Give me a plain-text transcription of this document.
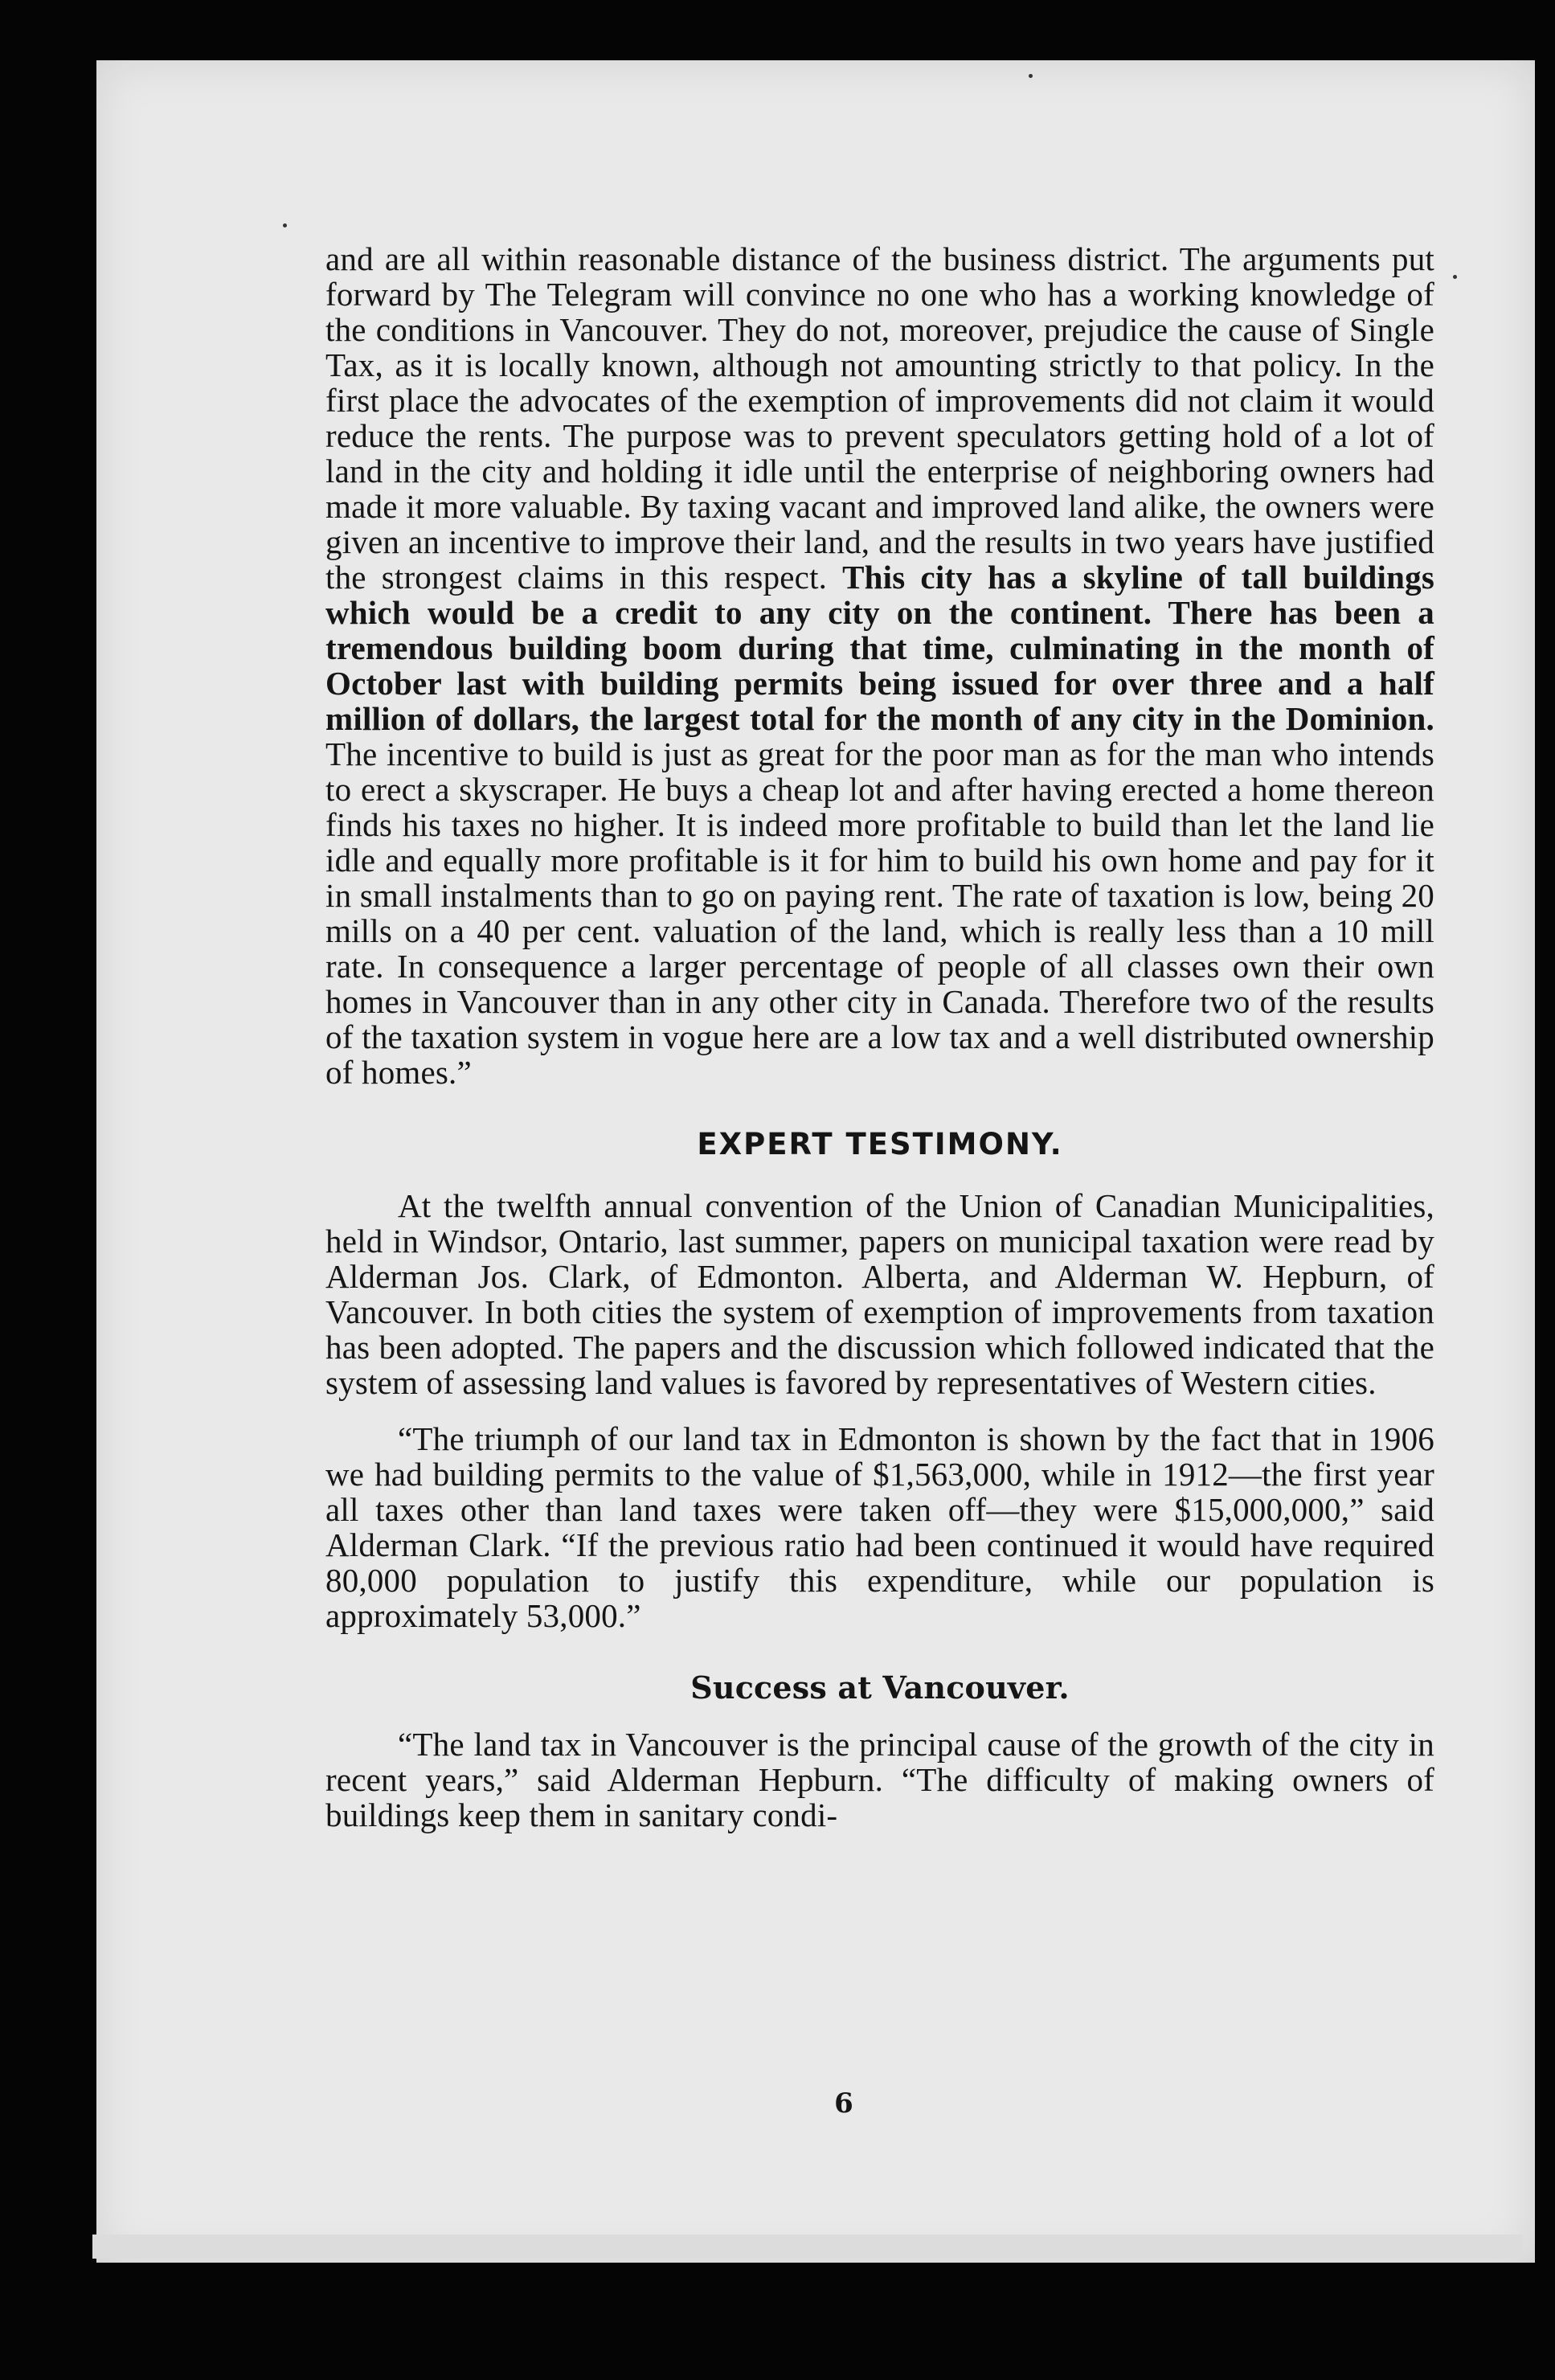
and are all within reasonable distance of the business district. The arguments put forward by The Telegram will convince no one who has a working knowledge of the conditions in Vancouver. They do not, moreover, prejudice the cause of Single Tax, as it is locally known, although not amounting strictly to that policy. In the first place the advocates of the exemption of improvements did not claim it would reduce the rents. The purpose was to prevent speculators getting hold of a lot of land in the city and holding it idle until the enterprise of neighboring owners had made it more valuable. By taxing vacant and improved land alike, the owners were given an incentive to improve their land, and the results in two years have justified the strongest claims in this respect. This city has a skyline of tall buildings which would be a credit to any city on the continent. There has been a tremendous building boom during that time, culminating in the month of October last with building permits being issued for over three and a half million of dollars, the largest total for the month of any city in the Dominion. The incentive to build is just as great for the poor man as for the man who intends to erect a skyscraper. He buys a cheap lot and after having erected a home thereon finds his taxes no higher. It is indeed more profitable to build than let the land lie idle and equally more profitable is it for him to build his own home and pay for it in small instalments than to go on paying rent. The rate of taxation is low, being 20 mills on a 40 per cent. valuation of the land, which is really less than a 10 mill rate. In consequence a larger percentage of people of all classes own their own homes in Vancouver than in any other city in Canada. Therefore two of the results of the taxation system in vogue here are a low tax and a well distributed ownership of homes.”

EXPERT TESTIMONY.

At the twelfth annual convention of the Union of Canadian Municipalities, held in Windsor, Ontario, last summer, papers on municipal taxation were read by Alderman Jos. Clark, of Edmonton. Alberta, and Alderman W. Hepburn, of Vancouver. In both cities the system of exemption of improvements from taxation has been adopted. The papers and the discussion which followed indicated that the system of assessing land values is favored by representatives of Western cities.

“The triumph of our land tax in Edmonton is shown by the fact that in 1906 we had building permits to the value of $1,563,000, while in 1912—the first year all taxes other than land taxes were taken off—they were $15,000,000,” said Alderman Clark. “If the previous ratio had been continued it would have required 80,000 population to justify this expenditure, while our population is approximately 53,000.”

Success at Vancouver.

“The land tax in Vancouver is the principal cause of the growth of the city in recent years,” said Alderman Hepburn. “The difficulty of making owners of buildings keep them in sanitary condi-

6
